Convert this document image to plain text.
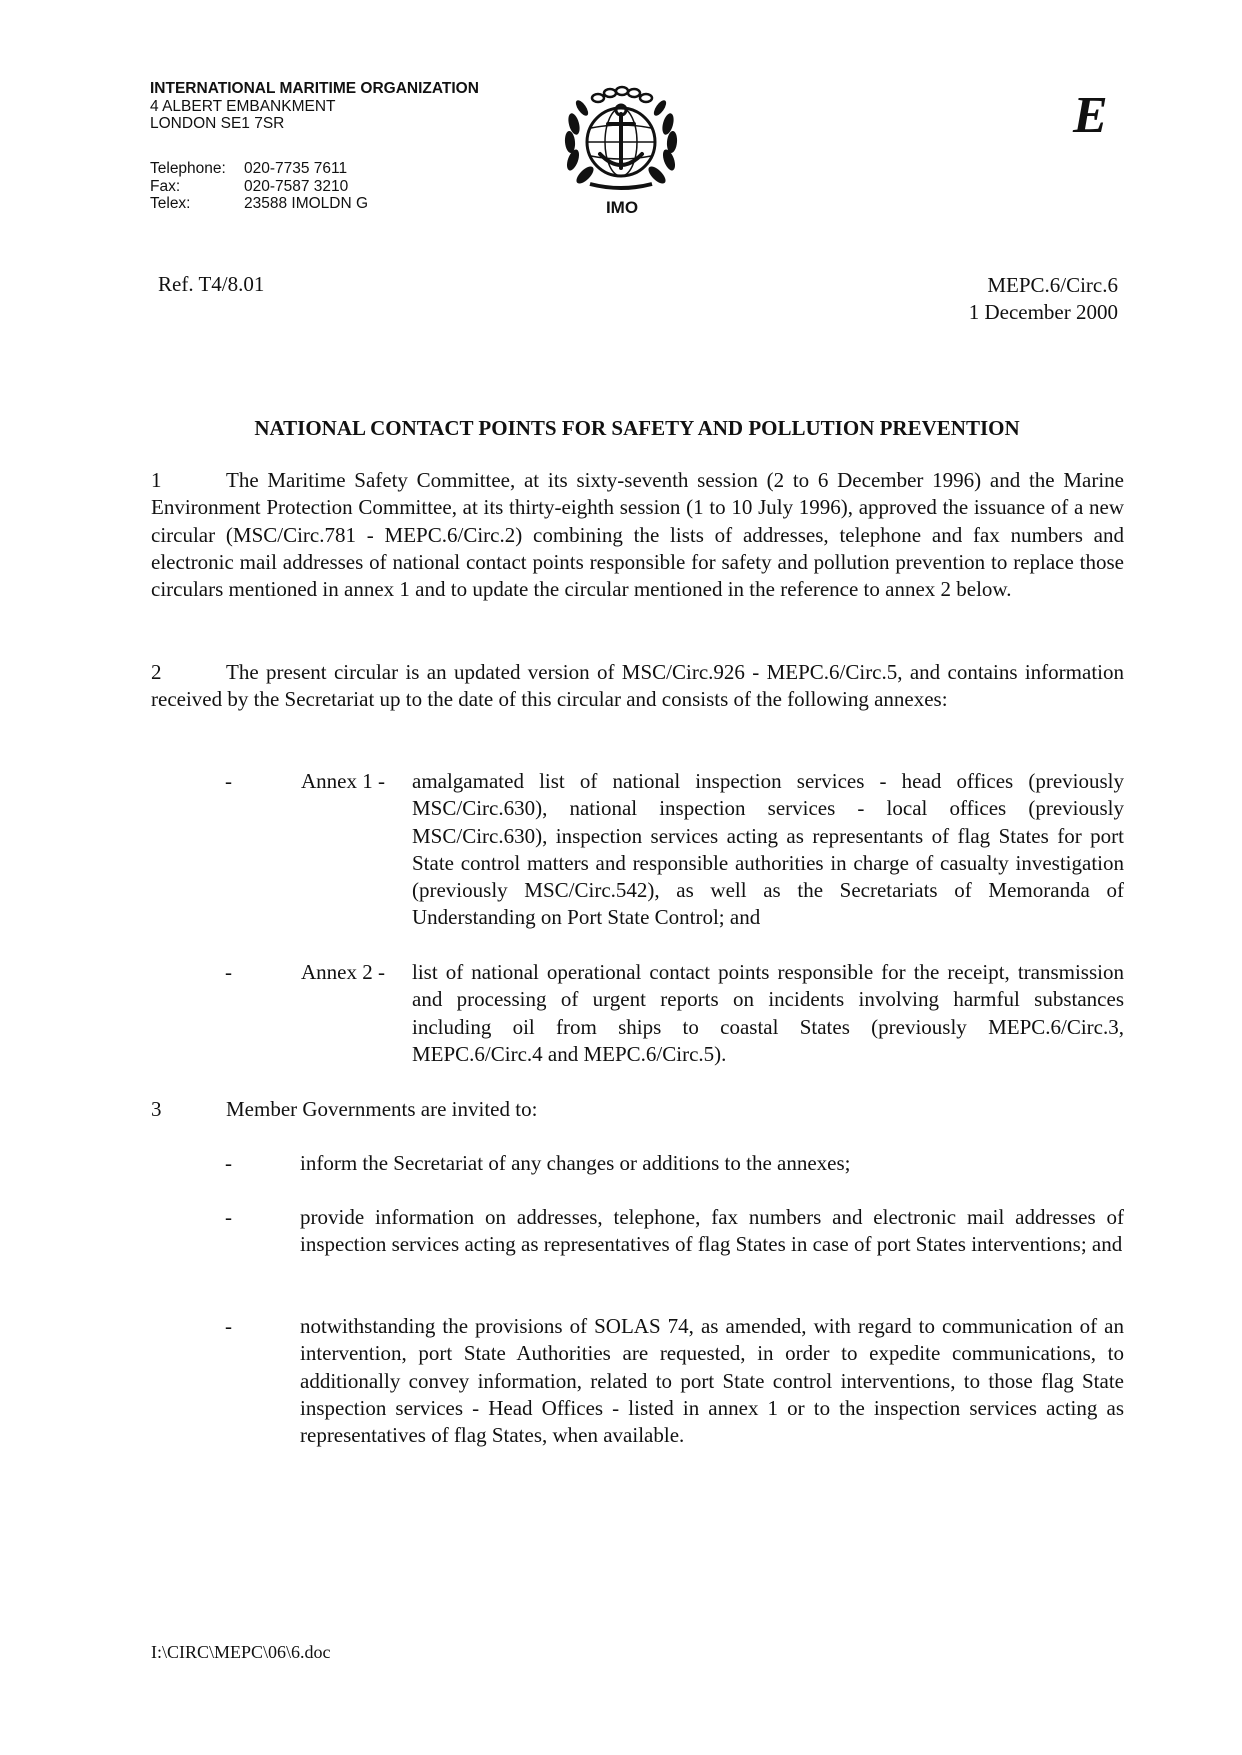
INTERNATIONAL MARITIME ORGANIZATION
4 ALBERT EMBANKMENT
LONDON SE1 7SR
Telephone:	020-7735 7611
Fax:	020-7587 3210
Telex:	23588 IMOLDN G	IMO
E
Ref. T4/8.01	MEPC.6/Circ.6
1 December 2000
NATIONAL CONTACT POINTS FOR SAFETY AND POLLUTION PREVENTION
1	The Maritime Safety Committee, at its sixty-seventh session (2 to 6 December 1996) and the Marine Environment Protection Committee, at its thirty-eighth session (1 to 10 July 1996), approved the issuance of a new circular (MSC/Circ.781 - MEPC.6/Circ.2) combining the lists of addresses, telephone and fax numbers and electronic mail addresses of national contact points responsible for safety and pollution prevention to replace those circulars mentioned in annex 1 and to update the circular mentioned in the reference to annex 2 below.
2	The present circular is an updated version of MSC/Circ.926 - MEPC.6/Circ.5, and contains information received by the Secretariat up to the date of this circular and consists of the following annexes:
-	Annex 1 - amalgamated list of national inspection services - head offices (previously MSC/Circ.630), national inspection services - local offices (previously MSC/Circ.630), inspection services acting as representants of flag States for port State control matters and responsible authorities in charge of casualty investigation (previously MSC/Circ.542), as well as the Secretariats of Memoranda of Understanding on Port State Control; and
-	Annex 2 - list of national operational contact points responsible for the receipt, transmission and processing of urgent reports on incidents involving harmful substances including oil from ships to coastal States (previously MEPC.6/Circ.3, MEPC.6/Circ.4 and MEPC.6/Circ.5).
3	Member Governments are invited to:
-	inform the Secretariat of any changes or additions to the annexes;
-	provide information on addresses, telephone, fax numbers and electronic mail addresses of inspection services acting as representatives of flag States in case of port States interventions; and
-	notwithstanding the provisions of SOLAS 74, as amended, with regard to communication of an intervention, port State Authorities are requested, in order to expedite communications, to additionally convey information, related to port State control interventions, to those flag State inspection services - Head Offices - listed in annex 1 or to the inspection services acting as representatives of flag States, when available.
I:\CIRC\MEPC\06\6.doc
